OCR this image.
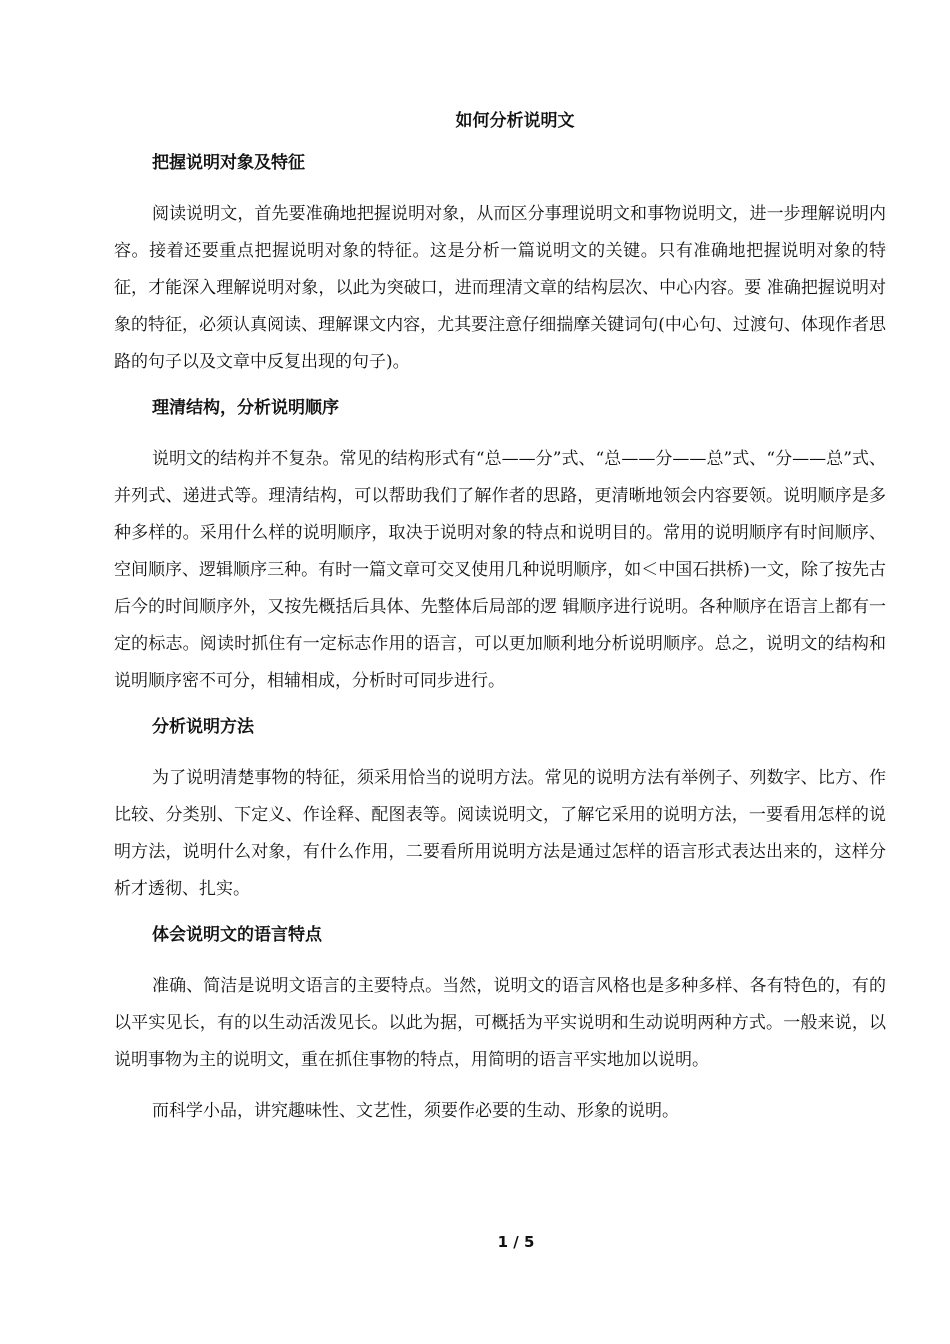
如何分析说明文
把握说明对象及特征

阅读说明文，首先要准确地把握说明对象，从而区分事理说明文和事物说明文，进一步理解说明内容。接着还要重点把握说明对象的特征。这是分析一篇说明文的关键。只有准确地把握说明对象的特征，才能深入理解说明对象，以此为突破口，进而理清文章的结构层次、中心内容。要 准确把握说明对象的特征，必须认真阅读、理解课文内容，尤其要注意仔细揣摩关键词句(中心句、过渡句、体现作者思路的句子以及文章中反复出现的句子)。

理清结构，分析说明顺序

说明文的结构并不复杂。常见的结构形式有“总——分”式、“总——分——总”式、“分——总”式、并列式、递进式等。理清结构，可以帮助我们了解作者的思路，更清晰地领会内容要领。说明顺序是多种多样的。采用什么样的说明顺序，取决于说明对象的特点和说明目的。常用的说明顺序有时间顺序、空间顺序、逻辑顺序三种。有时一篇文章可交叉使用几种说明顺序，如＜中国石拱桥)一文，除了按先古后今的时间顺序外，又按先概括后具体、先整体后局部的逻 辑顺序进行说明。各种顺序在语言上都有一定的标志。阅读时抓住有一定标志作用的语言，可以更加顺利地分析说明顺序。总之，说明文的结构和说明顺序密不可分，相辅相成，分析时可同步进行。

分析说明方法

为了说明清楚事物的特征，须采用恰当的说明方法。常见的说明方法有举例子、列数字、比方、作比较、分类别、下定义、作诠释、配图表等。阅读说明文，了解它采用的说明方法，一要看用怎样的说明方法，说明什么对象，有什么作用，二要看所用说明方法是通过怎样的语言形式表达出来的，这样分析才透彻、扎实。

体会说明文的语言特点

准确、简洁是说明文语言的主要特点。当然，说明文的语言风格也是多种多样、各有特色的，有的以平实见长，有的以生动活泼见长。以此为据，可概括为平实说明和生动说明两种方式。一般来说，以说明事物为主的说明文，重在抓住事物的特点，用简明的语言平实地加以说明。

而科学小品，讲究趣味性、文艺性，须要作必要的生动、形象的说明。

1 / 5
